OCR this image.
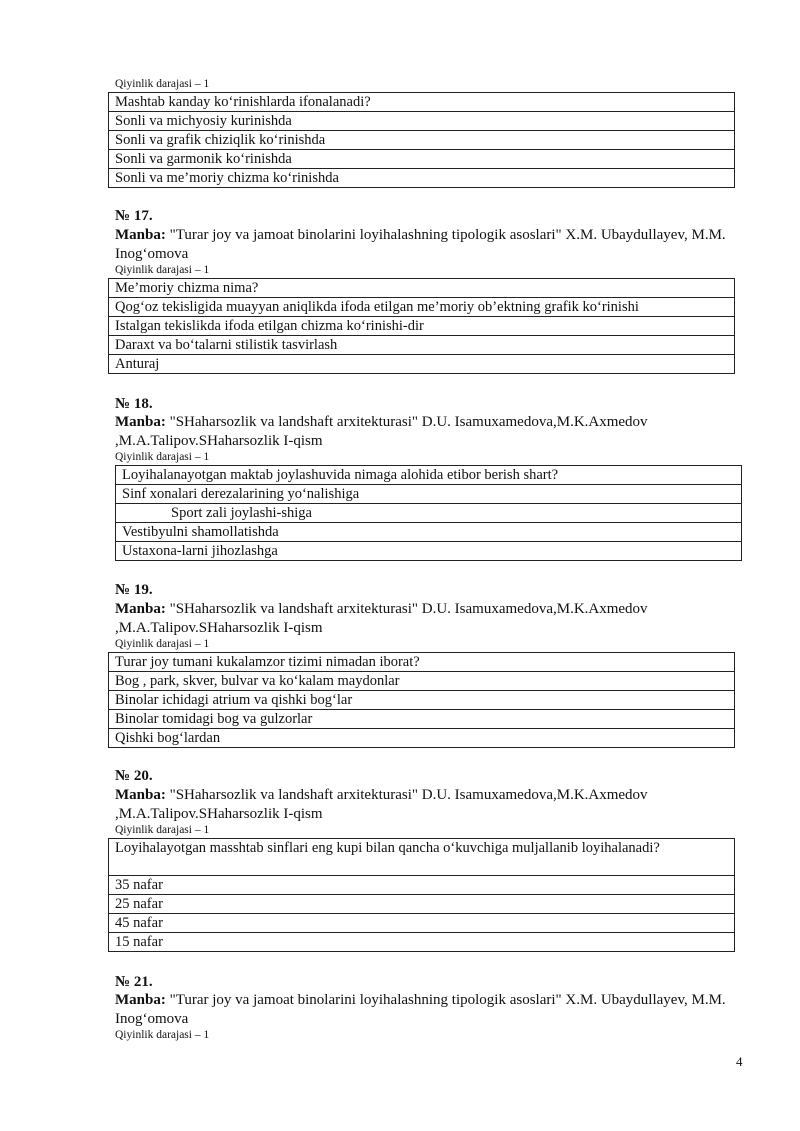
Qiyinlik darajasi – 1
Mashtab kanday ko‘rinishlarda ifonalanadi?
Sonli va michyosiy kurinishda
Sonli va grafik chiziqlik ko‘rinishda
Sonli va garmonik ko‘rinishda
Sonli va me’moriy chizma ko‘rinishda
№ 17.
Manba: "Turar joy va jamoat binolarini loyihalashning tipologik asoslari" X.M. Ubaydullayev, M.M. Inog‘omova
Qiyinlik darajasi – 1
Me’moriy chizma nima?
Qog‘oz tekisligida muayyan aniqlikda ifoda etilgan me’moriy ob’ektning grafik ko‘rinishi
Istalgan tekislikda ifoda etilgan chizma ko‘rinishi-dir
Daraxt va bo‘talarni stilistik tasvirlash
Anturaj
№ 18.
Manba: "SHaharsozlik va landshaft arxitekturasi" D.U. Isamuxamedova,M.K.Axmedov ,M.A.Talipov.SHaharsozlik I-qism
Qiyinlik darajasi – 1
Loyihalanayotgan maktab joylashuvida nimaga alohida etibor berish shart?
Sinf xonalari derezalarining yo‘nalishiga
Sport zali joylashi-shiga
Vestibyulni shamollatishda
Ustaxona-larni jihozlashga
№ 19.
Manba: "SHaharsozlik va landshaft arxitekturasi" D.U. Isamuxamedova,M.K.Axmedov ,M.A.Talipov.SHaharsozlik I-qism
Qiyinlik darajasi – 1
Turar joy tumani kukalamzor tizimi nimadan iborat?
Bog , park, skver, bulvar va ko‘kalam maydonlar
Binolar ichidagi atrium va qishki bog‘lar
Binolar tomidagi bog va gulzorlar
Qishki bog‘lardan
№ 20.
Manba: "SHaharsozlik va landshaft arxitekturasi" D.U. Isamuxamedova,M.K.Axmedov ,M.A.Talipov.SHaharsozlik I-qism
Qiyinlik darajasi – 1
Loyihalayotgan masshtab sinflari eng kupi bilan qancha o‘kuvchiga muljallanib loyihalanadi?
35 nafar
25 nafar
45 nafar
15 nafar
№ 21.
Manba: "Turar joy va jamoat binolarini loyihalashning tipologik asoslari" X.M. Ubaydullayev, M.M. Inog‘omova
Qiyinlik darajasi – 1
4
